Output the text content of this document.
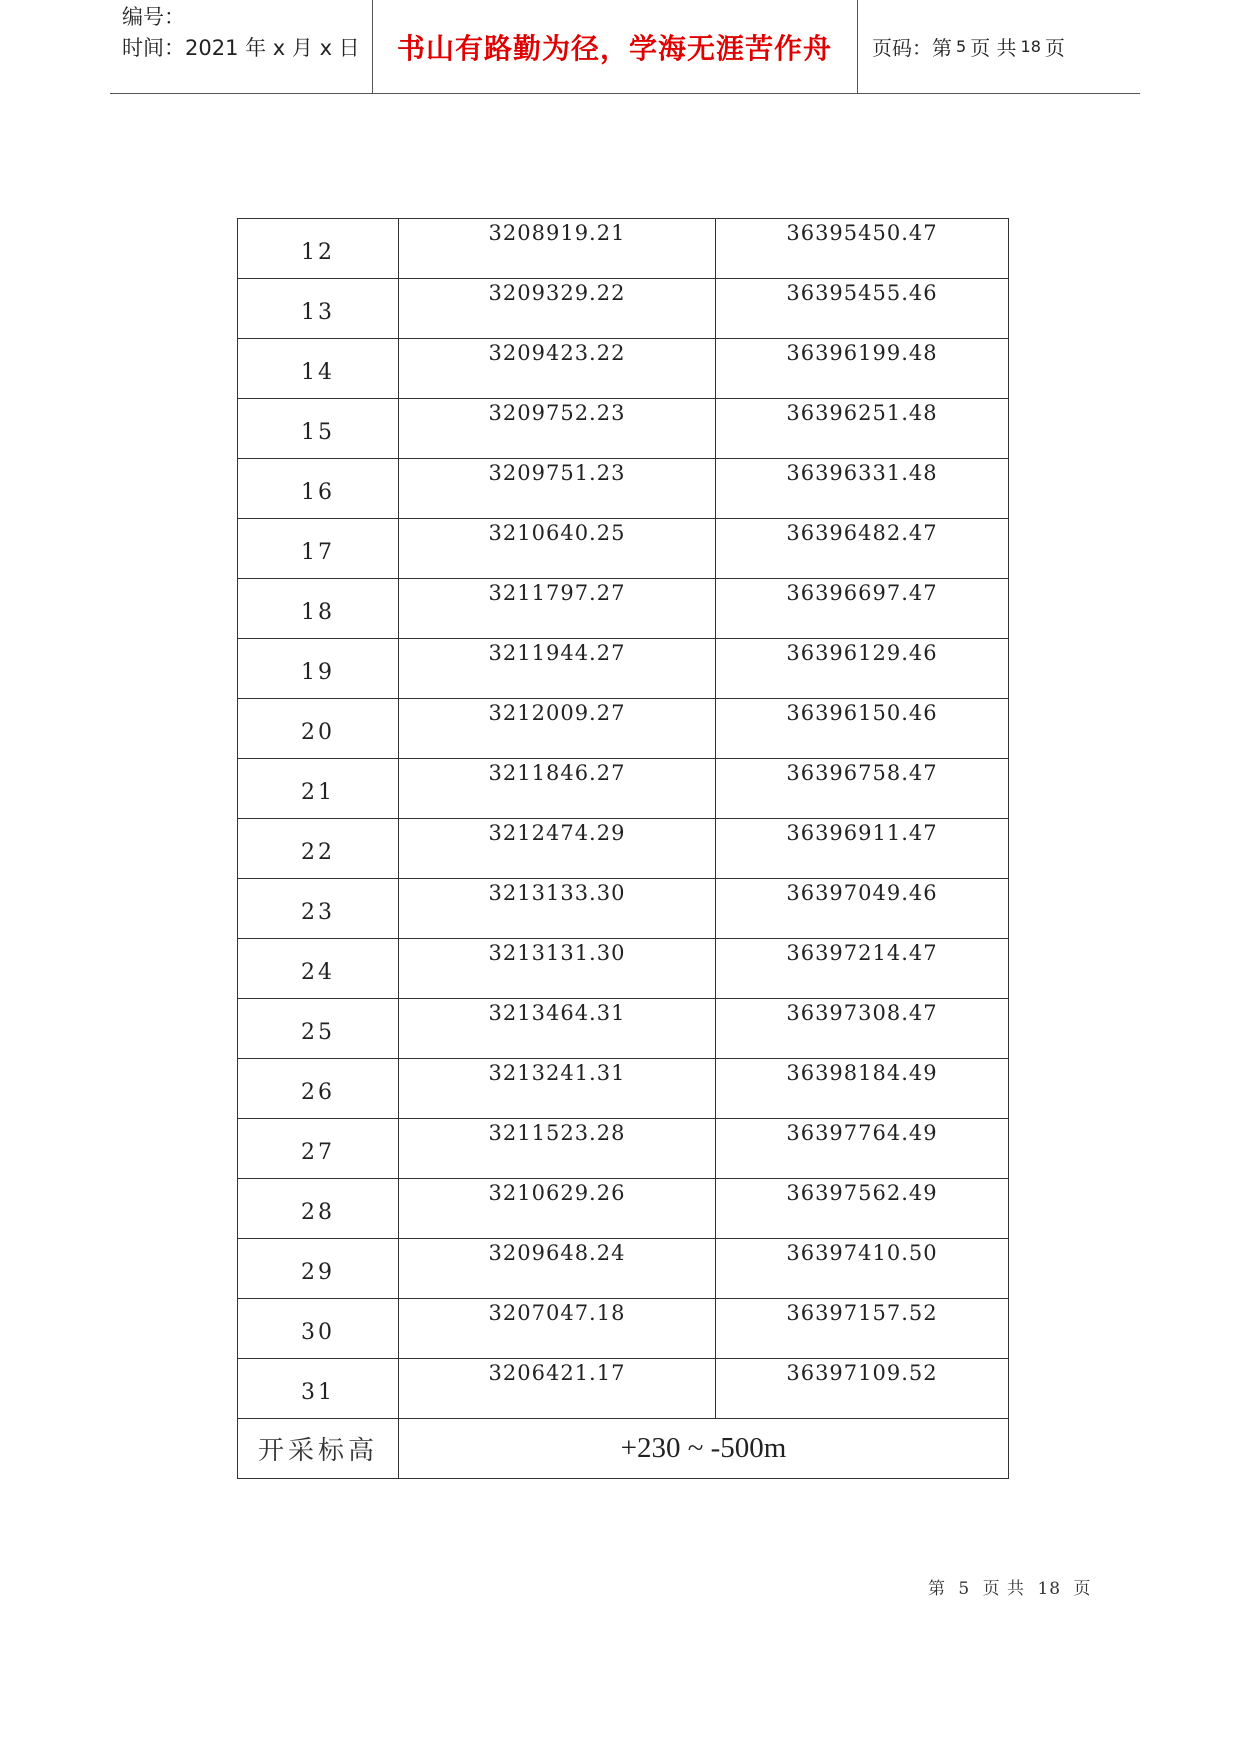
编号：
时间：2021 年 x 月 x 日	书山有路勤为径，学海无涯苦作舟	页码：第 5 页 共 18 页
12	3208919.21	36395450.47
13	3209329.22	36395455.46
14	3209423.22	36396199.48
15	3209752.23	36396251.48
16	3209751.23	36396331.48
17	3210640.25	36396482.47
18	3211797.27	36396697.47
19	3211944.27	36396129.46
20	3212009.27	36396150.46
21	3211846.27	36396758.47
22	3212474.29	36396911.47
23	3213133.30	36397049.46
24	3213131.30	36397214.47
25	3213464.31	36397308.47
26	3213241.31	36398184.49
27	3211523.28	36397764.49
28	3210629.26	36397562.49
29	3209648.24	36397410.50
30	3207047.18	36397157.52
31	3206421.17	36397109.52
开采标高	+230 ~ -500m	
第 5 页 共 18 页
